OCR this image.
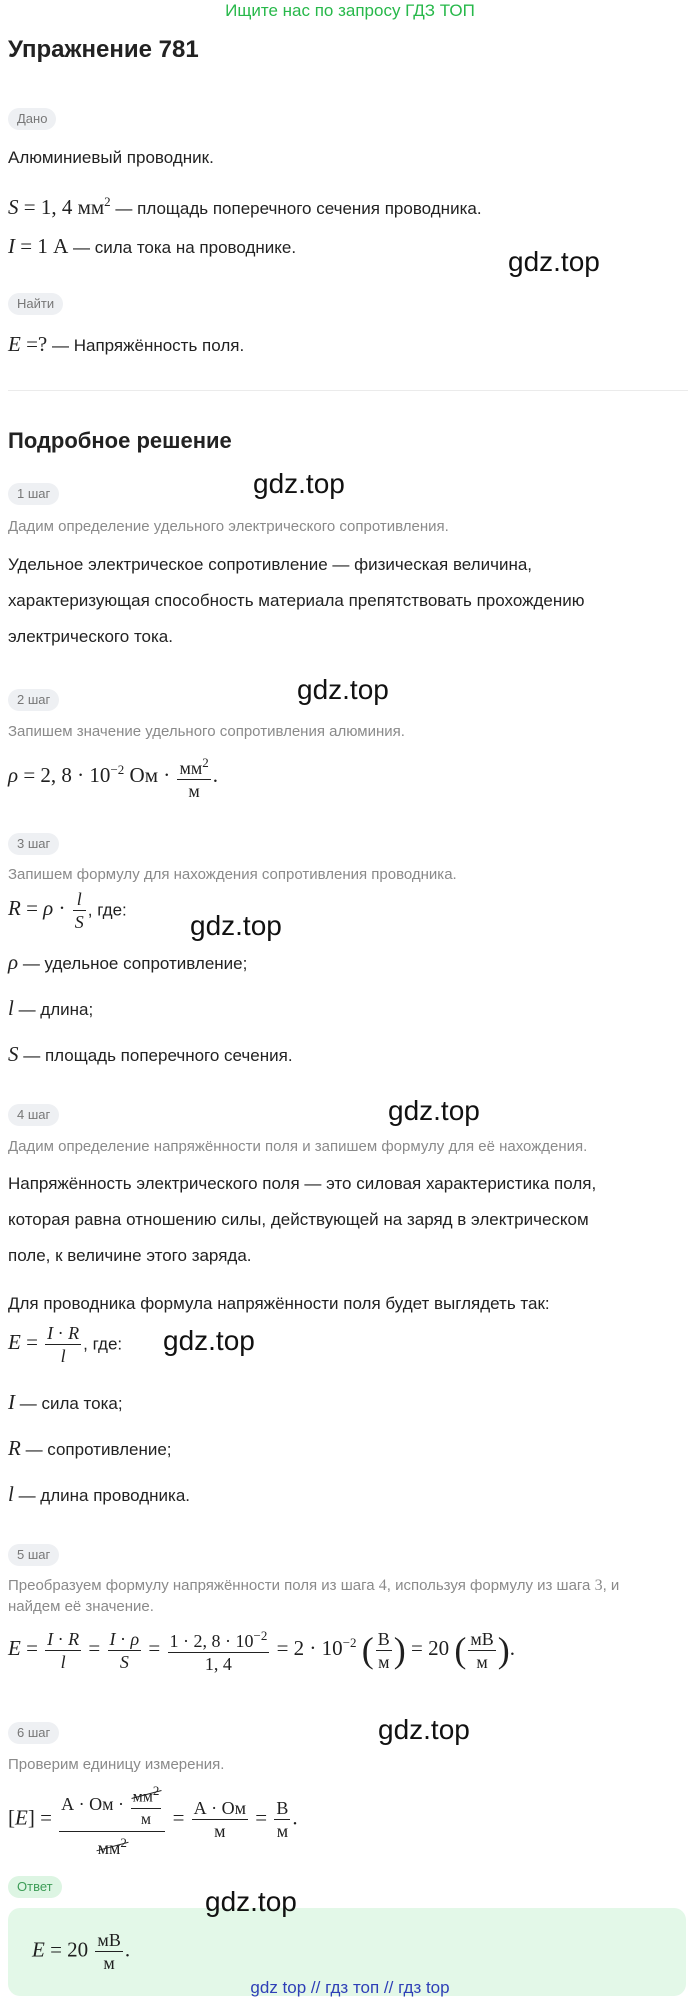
Ищите нас по запросу ГДЗ ТОП
Упражнение 781
Дано
Алюминиевый проводник.
S = 1, 4 $мм^2$ — площадь поперечного сечения проводника.
I = 1 А — сила тока на проводнике.	gdz.top
Найти
E =? — Напряжённость поля.
Подробное решение
1 шаг	gdz.top
Дадим определение удельного электрического сопротивления.
Удельное электрическое сопротивление — физическая величина,
характеризующая способность материала препятствовать прохождению
электрического тока.
2 шаг	gdz.top
Запишем значение удельного сопротивления алюминия.
ρ = 2, $8 \cdot 10^{-2}$ Ом · $\frac{мм^2}{м}$ .
3 шаг
Запишем формулу для нахождения сопротивления проводника.
$R = \rho \cdot \frac{l}{S}$ , где:
gdz.top
ρ — удельное сопротивление;
l — длина;
S — площадь поперечного сечения.
4 шаг	gdz.top
Дадим определение напряжённости поля и запишем формулу для её нахождения.
Напряжённость электрического поля — это силовая характеристика поля,
которая равна отношению силы, действующей на заряд в электрическом
поле, к величине этого заряда.
Для проводника формула напряжённости поля будет выглядеть так:
$E = \frac{I \cdot R}{l}$ , где: gdz.top
I — сила тока;
R — сопротивление;
l — длина проводника.
5 шаг
Преобразуем формулу напряжённости поля из шага 4, используя формулу из шага 3, и
найдем её значение.
$E = \frac{I \cdot R}{l} = \frac{I \cdot \rho}{S} = \frac{1 \cdot 2, 8 \cdot 10^{-2}}{1, 4} = 2 \cdot 10^{-2}$ ( $\frac{В}{м}$ ) = 20 ( $\frac{мВ}{м}$ ).
6 шаг	gdz.top
Проверим единицу измерения.
$[E] = \frac{А \cdot Ом \cdot \frac{мм^2}{м}}{мм^2} = \frac{А \cdot Ом}{м} = \frac{В}{м}$ .
Ответ	gdz.top
$E = 20 \frac{мВ}{м}$ .
gdz top // гдз топ // гдз top
